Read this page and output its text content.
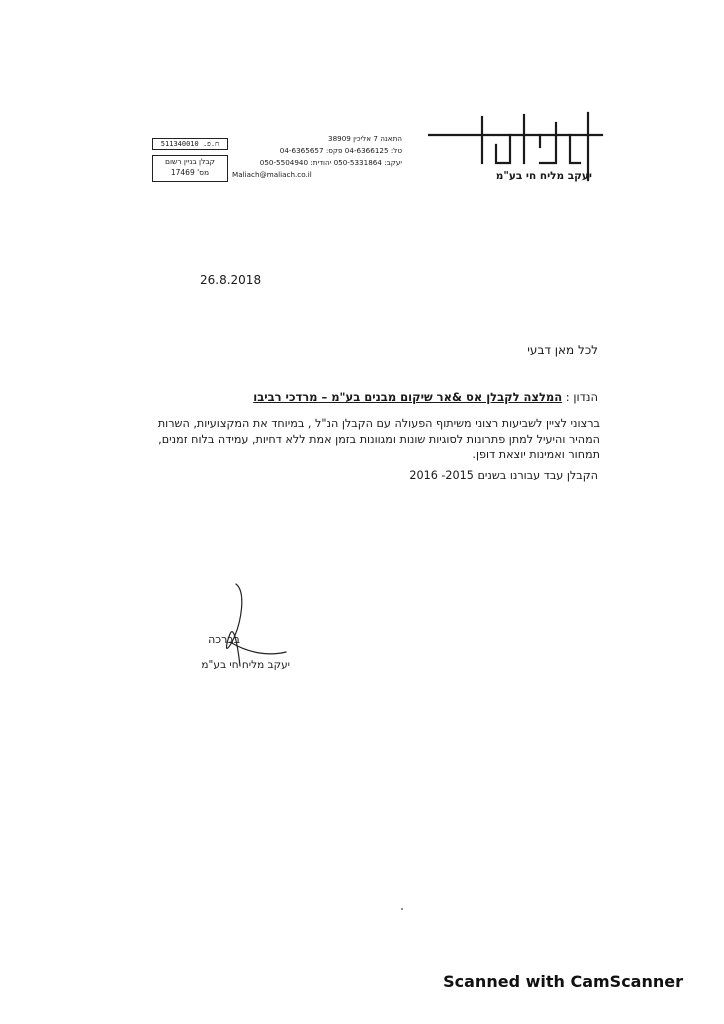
יעקב מליח חי בע"מ
התאנה 7 אליכין 38909
טל: 04-6366125 פקס: 04-6365657
יעקב: 050-5331864 יהודית: 050-5504940
Maliach@maliach.co.il
ח.פ. 511340010
קבלן בניין רשום
מס' 17469
26.8.2018
לכל מאן דבעי
הנדון : המלצה לקבלן אס &אר שיקום מבנים בע"מ – מרדכי רביבו
ברצוני לציין לשביעות רצוני משיתוף הפעולה עם הקבלן הנ"ל , במיוחד את המקצועיות, השרות
המהיר והיעיל למתן פתרונות לסוגיות שונות ומגוונות בזמן אמת ללא דחיות, עמידה בלוח זמנים,
תמחור ואמינות יוצאת דופן.
הקבלן עבד עבורנו בשנים 2015- 2016
בברכה
יעקב מליח חי בע"מ
Scanned with CamScanner
